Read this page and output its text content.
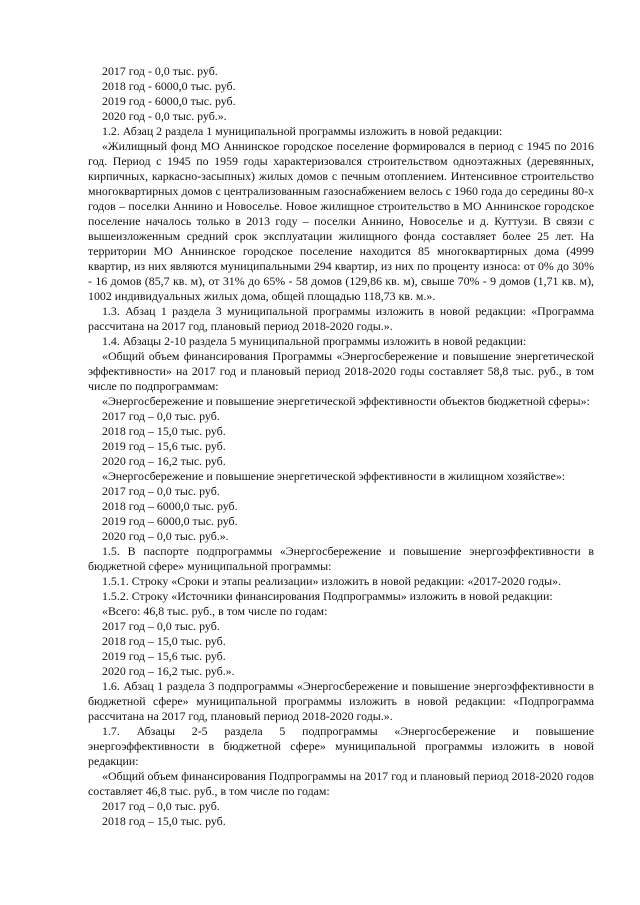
2017 год - 0,0 тыс. руб.
2018 год - 6000,0 тыс. руб.
2019 год - 6000,0 тыс. руб.
2020 год - 0,0 тыс. руб.».
1.2. Абзац 2 раздела 1 муниципальной программы изложить в новой редакции:

«Жилищный фонд МО Аннинское городское поселение формировался в период с 1945 по 2016 год. Период с 1945 по 1959 годы характеризовался строительством одноэтажных (деревянных, кирпичных, каркасно-засыпных) жилых домов с печным отоплением. Интенсивное строительство многоквартирных домов с централизованным газоснабжением велось с 1960 года до середины 80-х годов – поселки Аннино и Новоселье. Новое жилищное строительство в МО Аннинское городское поселение началось только в 2013 году – поселки Аннино, Новоселье и д. Куттузи. В связи с вышеизложенным средний срок эксплуатации жилищного фонда составляет более 25 лет. На территории МО Аннинское городское поселение находится 85 многоквартирных дома (4999 квартир, из них являются муниципальными 294 квартир, из них по проценту износа: от 0% до 30% - 16 домов (85,7 кв. м), от 31% до 65% - 58 домов (129,86 кв. м), свыше 70% - 9 домов (1,71 кв. м), 1002 индивидуальных жилых дома, общей площадью 118,73 кв. м.».

1.3. Абзац 1 раздела 3 муниципальной программы изложить в новой редакции: «Программа рассчитана на 2017 год, плановый период 2018-2020 годы.».

1.4. Абзацы 2-10 раздела 5 муниципальной программы изложить в новой редакции:

«Общий объем финансирования Программы «Энергосбережение и повышение энергетической эффективности» на 2017 год и плановый период 2018-2020 годы составляет 58,8 тыс. руб., в том числе по подпрограммам:

«Энергосбережение и повышение энергетической эффективности объектов бюджетной сферы»:

2017 год – 0,0 тыс. руб.
2018 год – 15,0 тыс. руб.
2019 год – 15,6 тыс. руб.
2020 год – 16,2 тыс. руб.
«Энергосбережение и повышение энергетической эффективности в жилищном хозяйстве»:
2017 год – 0,0 тыс. руб.
2018 год – 6000,0 тыс. руб.
2019 год – 6000,0 тыс. руб.
2020 год – 0,0 тыс. руб.».

1.5. В паспорте подпрограммы «Энергосбережение и повышение энергоэффективности в бюджетной сфере» муниципальной программы:

1.5.1. Строку «Сроки и этапы реализации» изложить в новой редакции: «2017-2020 годы».
1.5.2. Строку «Источники финансирования Подпрограммы» изложить в новой редакции:
«Всего: 46,8 тыс. руб., в том числе по годам:
2017 год – 0,0 тыс. руб.
2018 год – 15,0 тыс. руб.
2019 год – 15,6 тыс. руб.
2020 год – 16,2 тыс. руб.».

1.6. Абзац 1 раздела 3 подпрограммы «Энергосбережение и повышение энергоэффективности в бюджетной сфере» муниципальной программы изложить в новой редакции: «Подпрограмма рассчитана на 2017 год, плановый период 2018-2020 годы.».

1.7. Абзацы 2-5 раздела 5 подпрограммы «Энергосбережение и повышение энергоэффективности в бюджетной сфере» муниципальной программы изложить в новой редакции:

«Общий объем финансирования Подпрограммы на 2017 год и плановый период 2018-2020 годов составляет 46,8 тыс. руб., в том числе по годам:

2017 год – 0,0 тыс. руб.
2018 год – 15,0 тыс. руб.
